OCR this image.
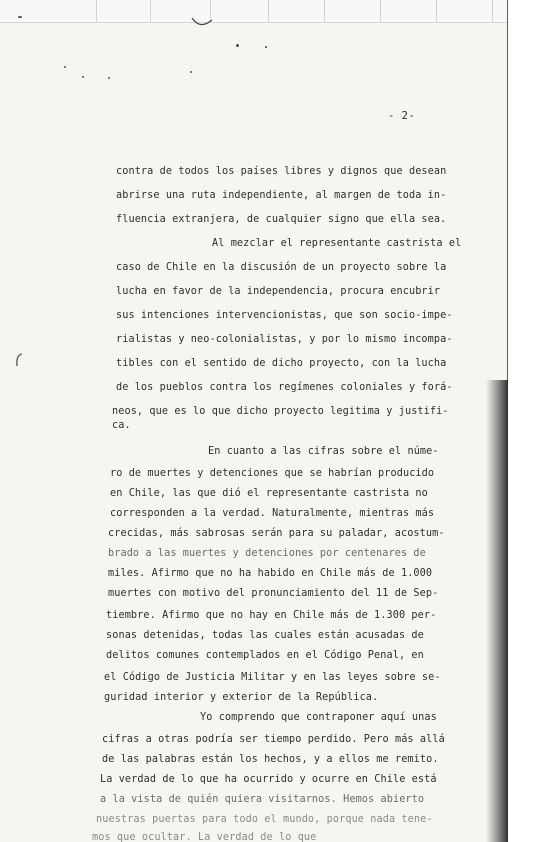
- 2-
contra de todos los países libres y dignos que desean
abrirse una ruta independiente, al margen de toda in-
fluencia extranjera, de cualquier signo que ella sea.
Al mezclar el representante castrista el
caso de Chile en la discusión de un proyecto sobre la
lucha en favor de la independencia, procura encubrir
sus intenciones intervencionistas, que son socio-impe-
rialistas y neo-colonialistas, y por lo mismo incompa-
tibles con el sentido de dicho proyecto, con la lucha
de los pueblos contra los regímenes coloniales y forá-
neos, que es lo que dicho proyecto legitima y justifi-
ca.
En cuanto a las cifras sobre el núme-
ro de muertes y detenciones que se habrían producido
en Chile, las que dió el representante castrista no
corresponden a la verdad. Naturalmente, mientras más
crecidas, más sabrosas serán para su paladar, acostum-
brado a las muertes y detenciones por centenares de
miles. Afirmo que no ha habido en Chile más de 1.000
muertes con motivo del pronunciamiento del 11 de Sep-
tiembre. Afirmo que no hay en Chile más de 1.300 per-
sonas detenidas, todas las cuales están acusadas de
delitos comunes contemplados en el Código Penal, en
el Código de Justicia Militar y en las leyes sobre se-
guridad interior y exterior de la República.
Yo comprendo que contraponer aquí unas
cifras a otras podría ser tiempo perdido. Pero más allá
de las palabras están los hechos, y a ellos me remito.
La verdad de lo que ha ocurrido y ocurre en Chile está
a la vista de quién quiera visitarnos. Hemos abierto
nuestras puertas para todo el mundo, porque nada tene-
mos que ocultar. La verdad de lo que
